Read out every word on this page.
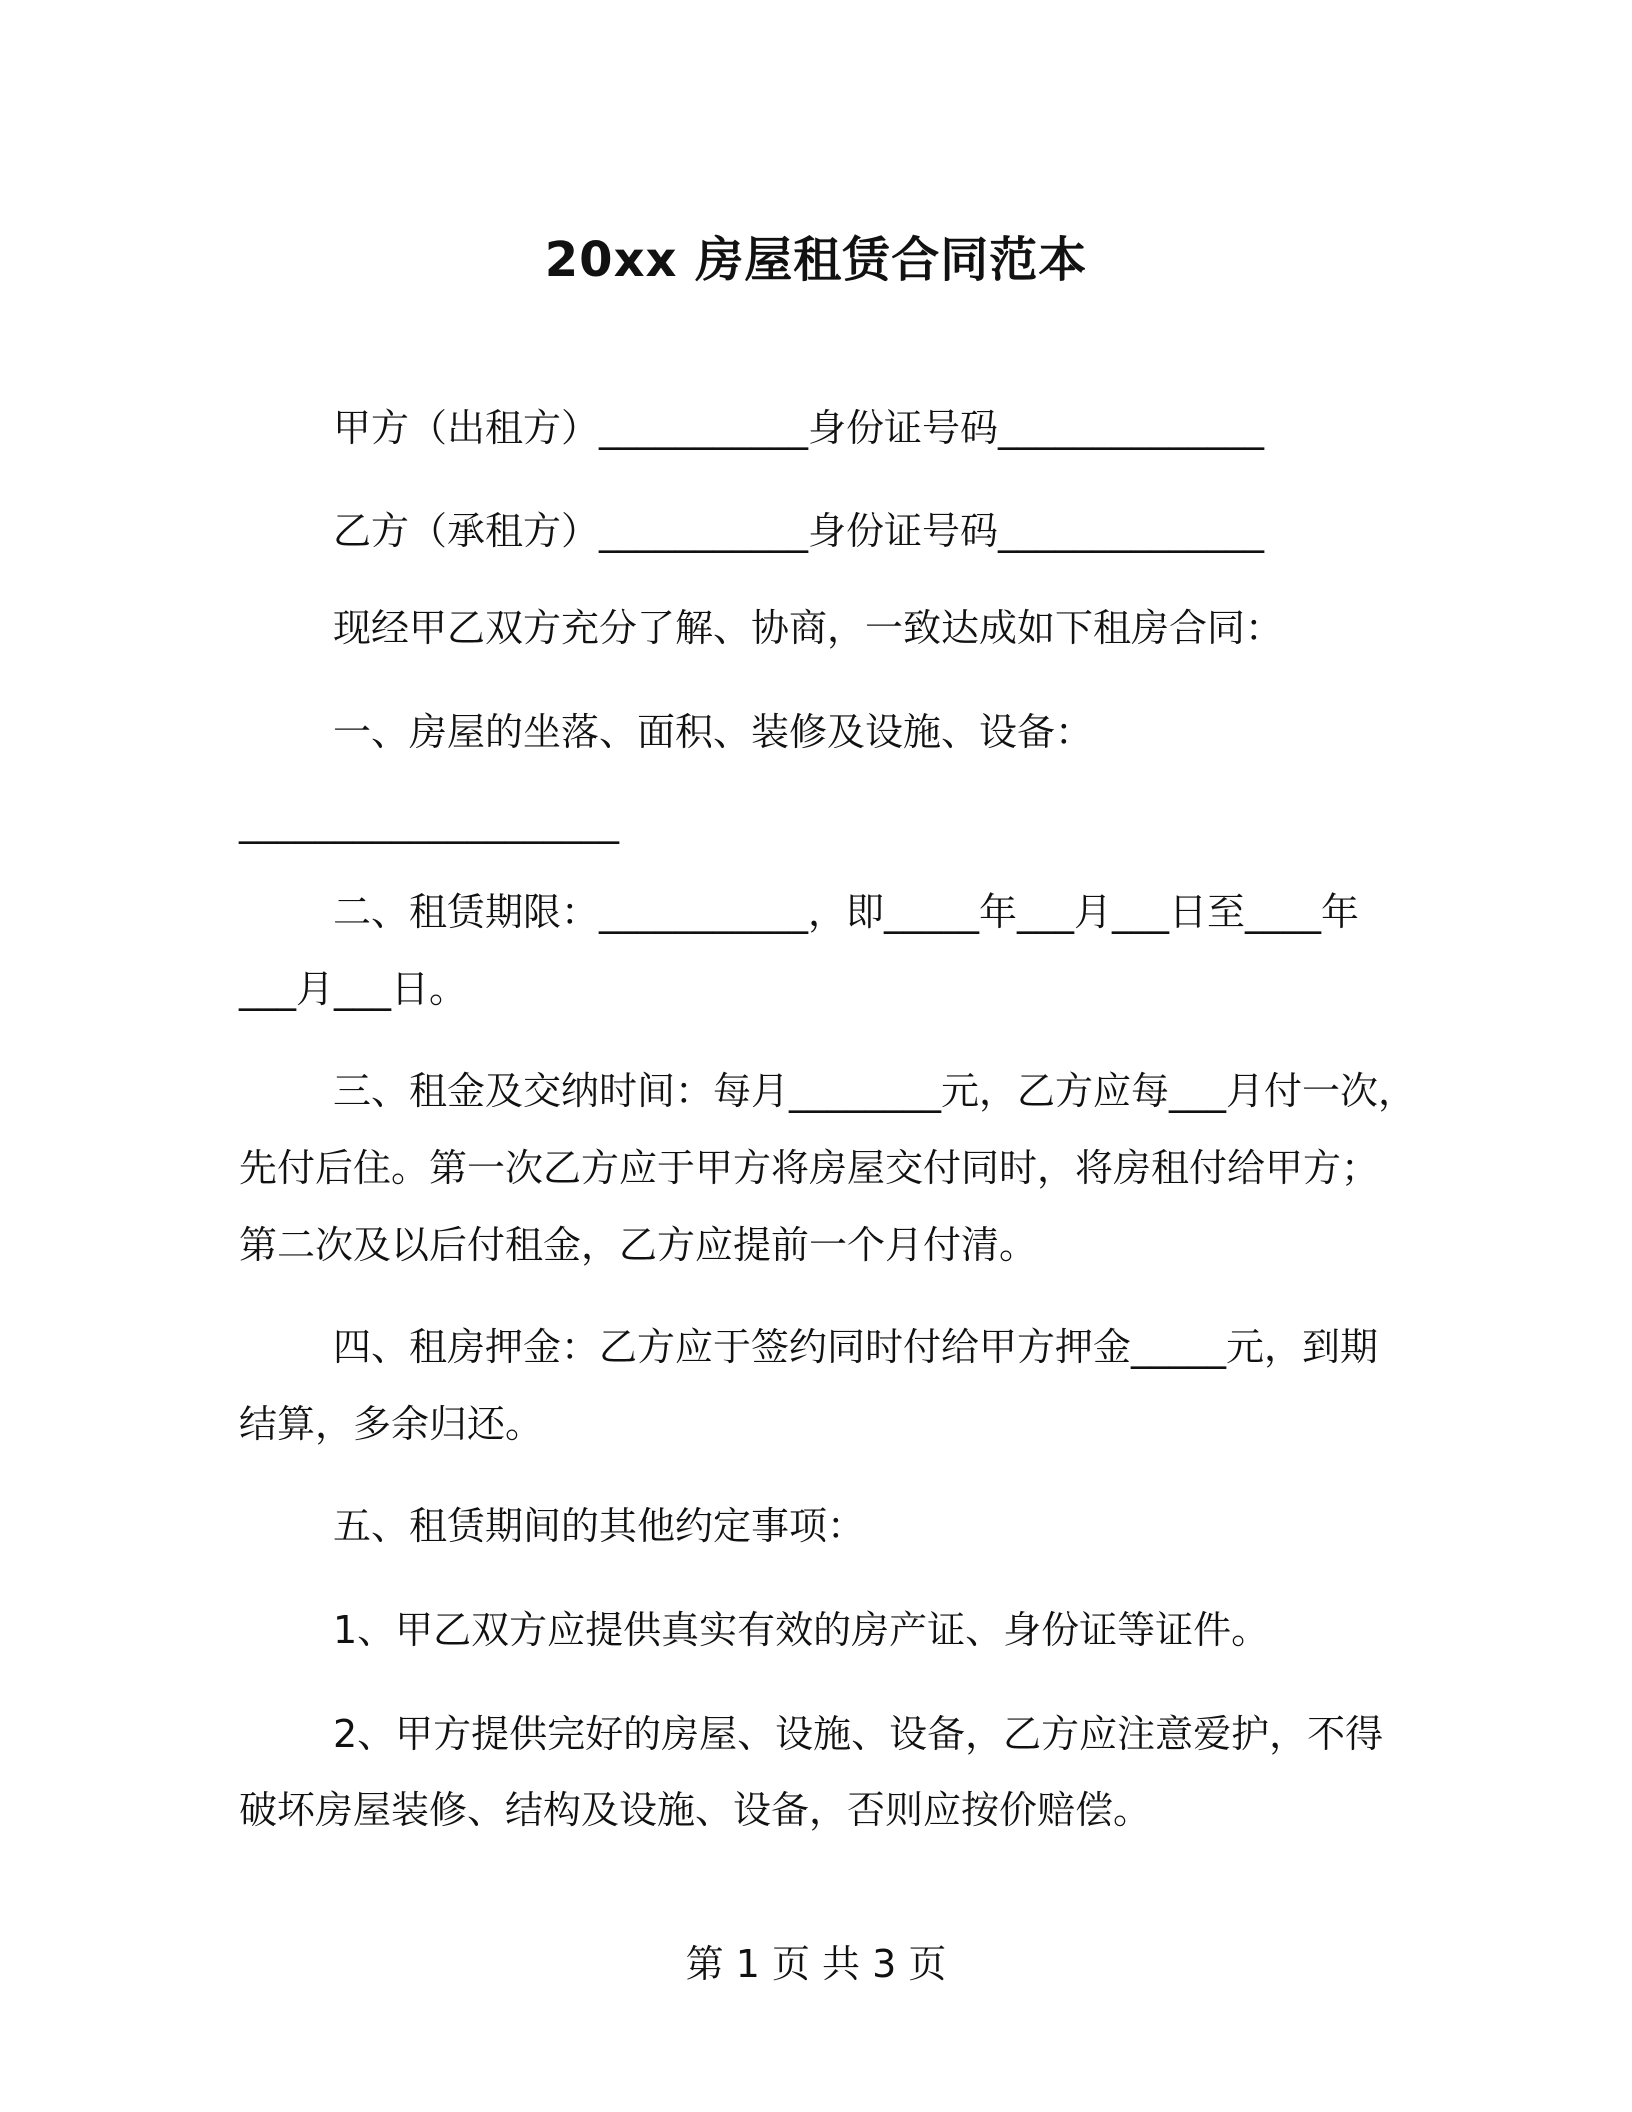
20xx 房屋租赁合同范本
甲方（出租方）___________身份证号码______________
乙方（承租方）___________身份证号码______________
现经甲乙双方充分了解、协商，一致达成如下租房合同：
一、房屋的坐落、面积、装修及设施、设备：
____________________
二、租赁期限：___________，即_____年___月___日至____年
___月___日。
三、租金及交纳时间：每月________元，乙方应每___月付一次，
先付后住。第一次乙方应于甲方将房屋交付同时，将房租付给甲方；
第二次及以后付租金，乙方应提前一个月付清。
四、租房押金：乙方应于签约同时付给甲方押金_____元，到期
结算，多余归还。
五、租赁期间的其他约定事项：
1、甲乙双方应提供真实有效的房产证、身份证等证件。
2、甲方提供完好的房屋、设施、设备，乙方应注意爱护，不得
破坏房屋装修、结构及设施、设备，否则应按价赔偿。
第 1 页 共 3 页
